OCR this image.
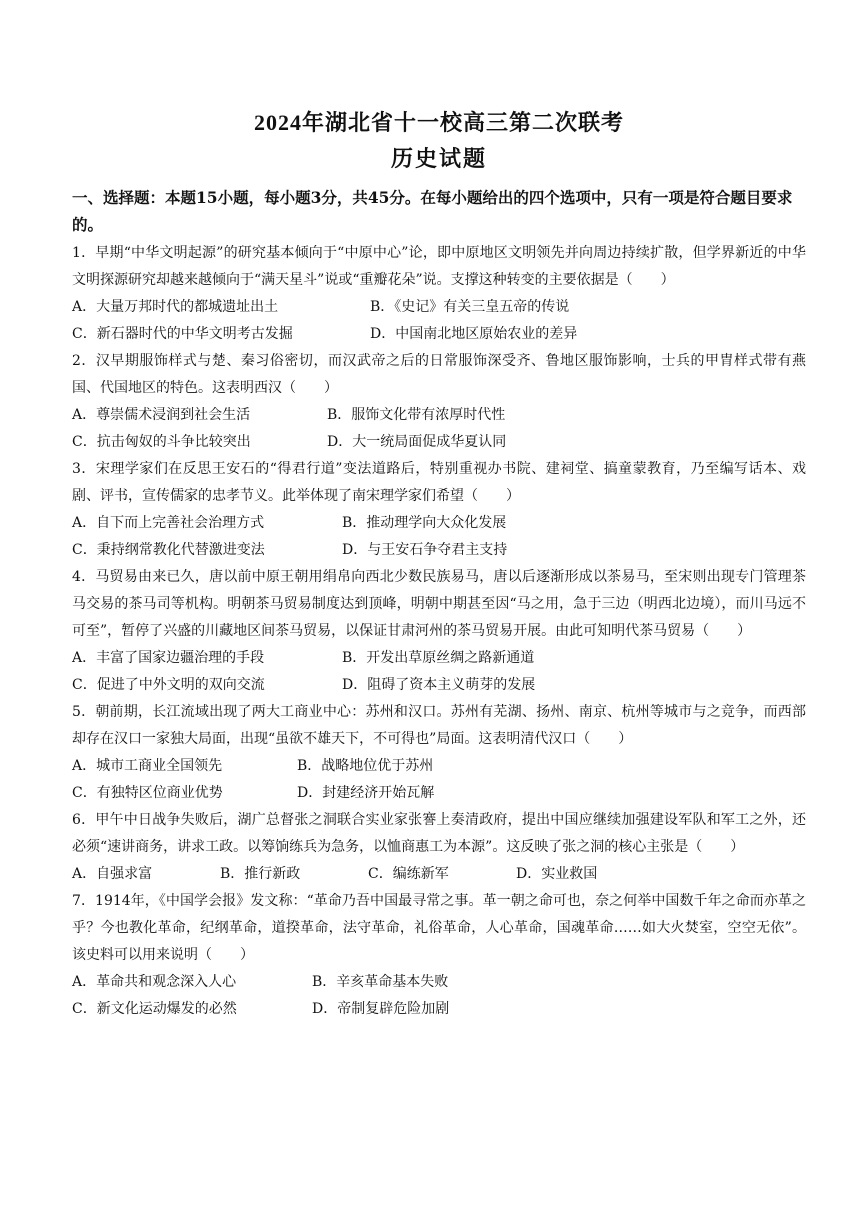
2024年湖北省十一校高三第二次联考
历史试题
一、选择题：本题15小题，每小题3分，共45分。在每小题给出的四个选项中，只有一项是符合题目要求的。
1．早期“中华文明起源”的研究基本倾向于“中原中心”论，即中原地区文明领先并向周边持续扩散，但学界新近的中华文明探源研究却越来越倾向于“满天星斗”说或“重瓣花朵”说。支撑这种转变的主要依据是（　　）
A．大量万邦时代的都城遗址出土	B．《史记》有关三皇五帝的传说
C．新石器时代的中华文明考古发掘	D．中国南北地区原始农业的差异
2．汉早期服饰样式与楚、秦习俗密切，而汉武帝之后的日常服饰深受齐、鲁地区服饰影响，士兵的甲胄样式带有燕国、代国地区的特色。这表明西汉（　　）
A．尊崇儒术浸润到社会生活	B．服饰文化带有浓厚时代性
C．抗击匈奴的斗争比较突出	D．大一统局面促成华夏认同
3．宋理学家们在反思王安石的“得君行道”变法道路后，特别重视办书院、建祠堂、搞童蒙教育，乃至编写话本、戏剧、评书，宣传儒家的忠孝节义。此举体现了南宋理学家们希望（　　）
A．自下而上完善社会治理方式	B．推动理学向大众化发展
C．秉持纲常教化代替激进变法	D．与王安石争夺君主支持
4．马贸易由来已久，唐以前中原王朝用绢帛向西北少数民族易马，唐以后逐渐形成以茶易马，至宋则出现专门管理茶马交易的茶马司等机构。明朝茶马贸易制度达到顶峰，明朝中期甚至因“马之用，急于三边（明西北边境），而川马远不可至”，暂停了兴盛的川藏地区间茶马贸易，以保证甘肃河州的茶马贸易开展。由此可知明代茶马贸易（　　）
A．丰富了国家边疆治理的手段	B．开发出草原丝绸之路新通道
C．促进了中外文明的双向交流	D．阻碍了资本主义萌芽的发展
5．朝前期，长江流域出现了两大工商业中心：苏州和汉口。苏州有芜湖、扬州、南京、杭州等城市与之竞争，而西部却存在汉口一家独大局面，出现“虽欲不雄天下，不可得也”局面。这表明清代汉口（　　）
A．城市工商业全国领先	B．战略地位优于苏州
C．有独特区位商业优势	D．封建经济开始瓦解
6．甲午中日战争失败后，湖广总督张之洞联合实业家张謇上奏清政府，提出中国应继续加强建设军队和军工之外，还必须“速讲商务，讲求工政。以筹饷练兵为急务，以恤商惠工为本源”。这反映了张之洞的核心主张是（　　）
A．自强求富	B．推行新政	C．编练新军	D．实业救国
7．1914年，《中国学会报》发文称：“革命乃吾中国最寻常之事。革一朝之命可也，奈之何举中国数千年之命而亦革之乎？今也教化革命，纪纲革命，道揆革命，法守革命，礼俗革命，人心革命，国魂革命……如大火焚室，空空无依”。该史料可以用来说明（　　）
A．革命共和观念深入人心	B．辛亥革命基本失败
C．新文化运动爆发的必然	D．帝制复辟危险加剧
